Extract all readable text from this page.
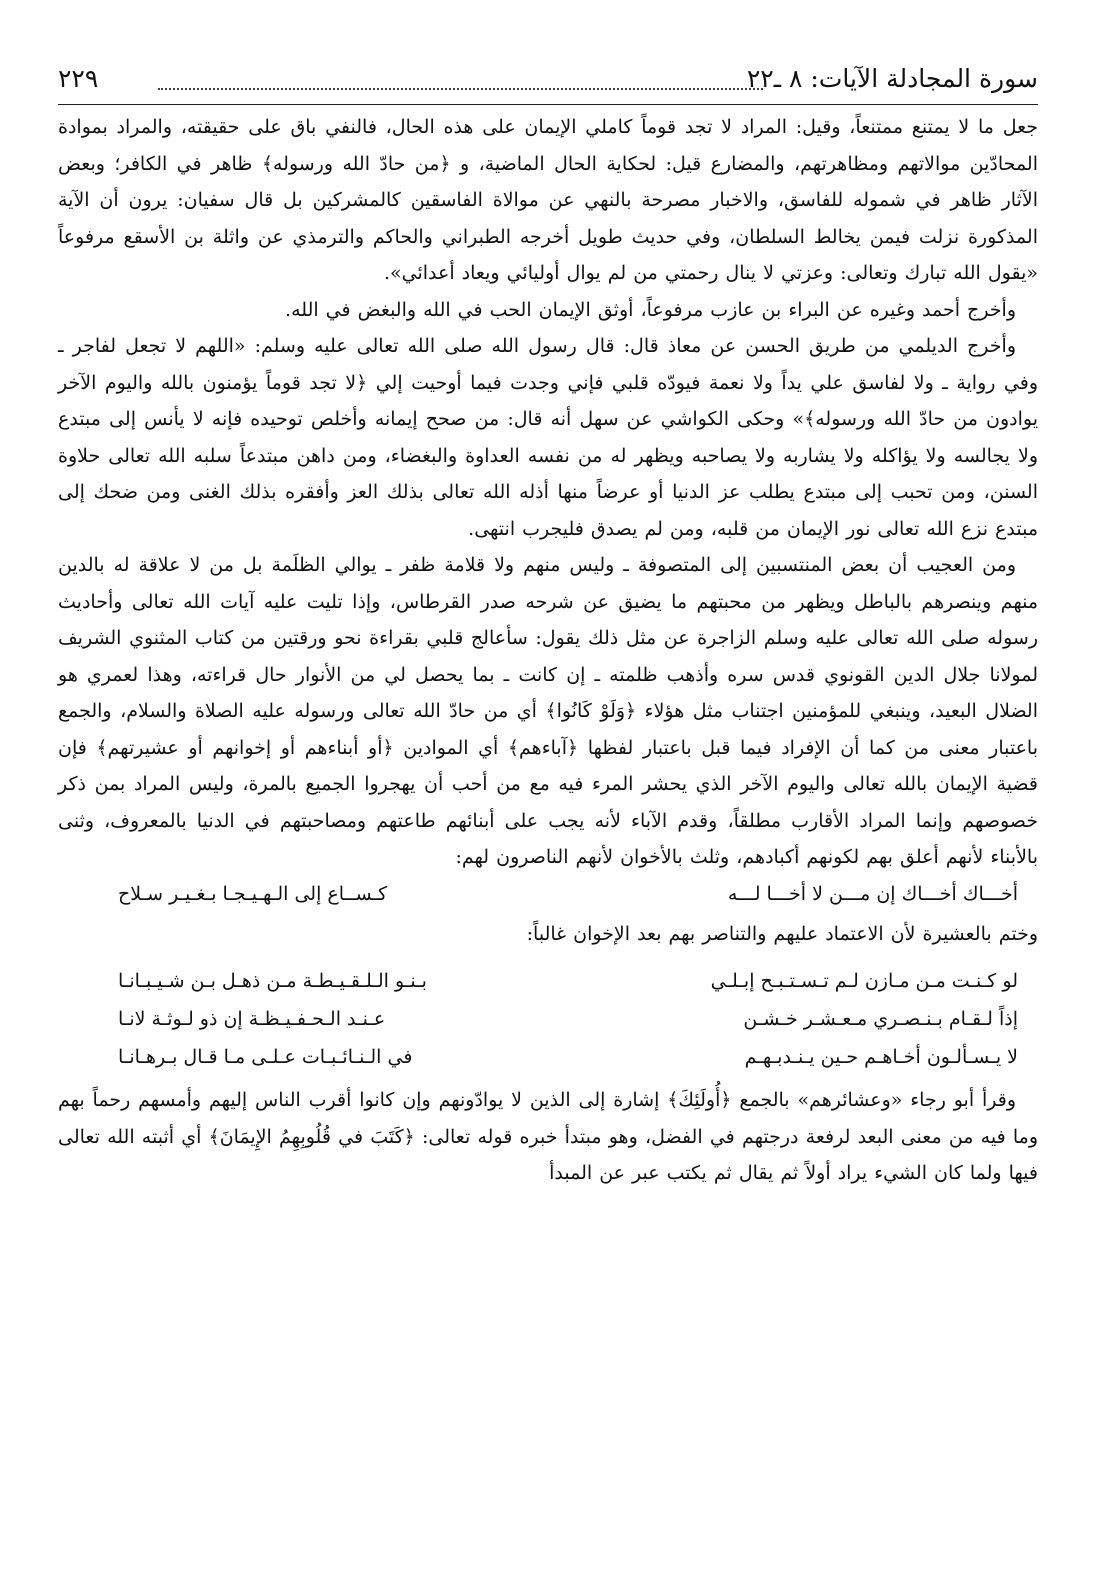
سورة المجادلة الآيات: ٨ ـ٢٢
٢٢٩

جعل ما لا يمتنع ممتنعاً، وقيل: المراد لا تجد قوماً كاملي الإيمان على هذه الحال، فالنفي باق على حقيقته، والمراد بموادة المحادّين موالاتهم ومظاهرتهم، والمضارع قيل: لحكاية الحال الماضية، و ﴿من حادّ الله ورسوله﴾ ظاهر في الكافر؛ وبعض الآثار ظاهر في شموله للفاسق، والاخبار مصرحة بالنهي عن موالاة الفاسقين كالمشركين بل قال سفيان: يرون أن الآية المذكورة نزلت فيمن يخالط السلطان، وفي حديث طويل أخرجه الطبراني والحاكم والترمذي عن واثلة بن الأسقع مرفوعاً «يقول الله تبارك وتعالى: وعزتي لا ينال رحمتي من لم يوال أوليائي ويعاد أعدائي».

وأخرج أحمد وغيره عن البراء بن عازب مرفوعاً، أوثق الإيمان الحب في الله والبغض في الله.

وأخرج الديلمي من طريق الحسن عن معاذ قال: قال رسول الله صلى الله تعالى عليه وسلم: «اللهم لا تجعل لفاجر ـ وفي رواية ـ ولا لفاسق علي يداً ولا نعمة فيودّه قلبي فإني وجدت فيما أوحيت إلي ﴿لا تجد قوماً يؤمنون بالله واليوم الآخر يوادون من حادّ الله ورسوله﴾» وحكى الكواشي عن سهل أنه قال: من صحح إيمانه وأخلص توحيده فإنه لا يأنس إلى مبتدع ولا يجالسه ولا يؤاكله ولا يشاربه ولا يصاحبه ويظهر له من نفسه العداوة والبغضاء، ومن داهن مبتدعاً سلبه الله تعالى حلاوة السنن، ومن تحبب إلى مبتدع يطلب عز الدنيا أو عرضاً منها أذله الله تعالى بذلك العز وأفقره بذلك الغنى ومن ضحك إلى مبتدع نزع الله تعالى نور الإيمان من قلبه، ومن لم يصدق فليجرب انتهى.

ومن العجيب أن بعض المنتسبين إلى المتصوفة ـ وليس منهم ولا قلامة ظفر ـ يوالي الظلَمة بل من لا علاقة له بالدين منهم وينصرهم بالباطل ويظهر من محبتهم ما يضيق عن شرحه صدر القرطاس، وإذا تليت عليه آيات الله تعالى وأحاديث رسوله صلى الله تعالى عليه وسلم الزاجرة عن مثل ذلك يقول: سأعالج قلبي بقراءة نحو ورقتين من كتاب المثنوي الشريف لمولانا جلال الدين القونوي قدس سره وأذهب ظلمته ـ إن كانت ـ بما يحصل لي من الأنوار حال قراءته، وهذا لعمري هو الضلال البعيد، وينبغي للمؤمنين اجتناب مثل هؤلاء ﴿وَلَوْ كَانُوا﴾ أي من حادّ الله تعالى ورسوله عليه الصلاة والسلام، والجمع باعتبار معنى من كما أن الإفراد فيما قبل باعتبار لفظها ﴿آباءهم﴾ أي الموادين ﴿أو أبناءهم أو إخوانهم أو عشيرتهم﴾ فإن قضية الإيمان بالله تعالى واليوم الآخر الذي يحشر المرء فيه مع من أحب أن يهجروا الجميع بالمرة، وليس المراد بمن ذكر خصوصهم وإنما المراد الأقارب مطلقاً، وقدم الآباء لأنه يجب على أبنائهم طاعتهم ومصاحبتهم في الدنيا بالمعروف، وثنى بالأبناء لأنهم أعلق بهم لكونهم أكبادهم، وثلث بالأخوان لأنهم الناصرون لهم:

أخـــاك أخـــاك إن مـــن لا أخـــا لـــه
كـســاع إلى الـهـيـجـا بـغـيـر سـلاح

وختم بالعشيرة لأن الاعتماد عليهم والتناصر بهم بعد الإخوان غالباً:

لو كـنـت مـن مـازن لـم تـسـتـبـح إبـلـي
بـنـو الـلـقـيـطـة مـن ذهـل بـن شـيـبـانـا
إذاً لـقـام بـنـصـري مـعـشـر خـشـن
عـنـد الـحـفـيـظـة إن ذو لـوثـة لانـا
لا يـسـألـون أخـاهـم حـين يـنـدبـهـم
في الـنـائـبـات عـلـى مـا قـال بـرهـانـا

وقرأ أبو رجاء «وعشائرهم» بالجمع ﴿أُولَئِكَ﴾ إشارة إلى الذين لا يوادّونهم وإن كانوا أقرب الناس إليهم وأمسهم رحماً بهم وما فيه من معنى البعد لرفعة درجتهم في الفضل، وهو مبتدأ خبره قوله تعالى: ﴿كَتَبَ في قُلُوبِهِمُ الإِيمَانَ﴾ أي أثبته الله تعالى فيها ولما كان الشيء يراد أولاً ثم يقال ثم يكتب عبر عن المبدأ
